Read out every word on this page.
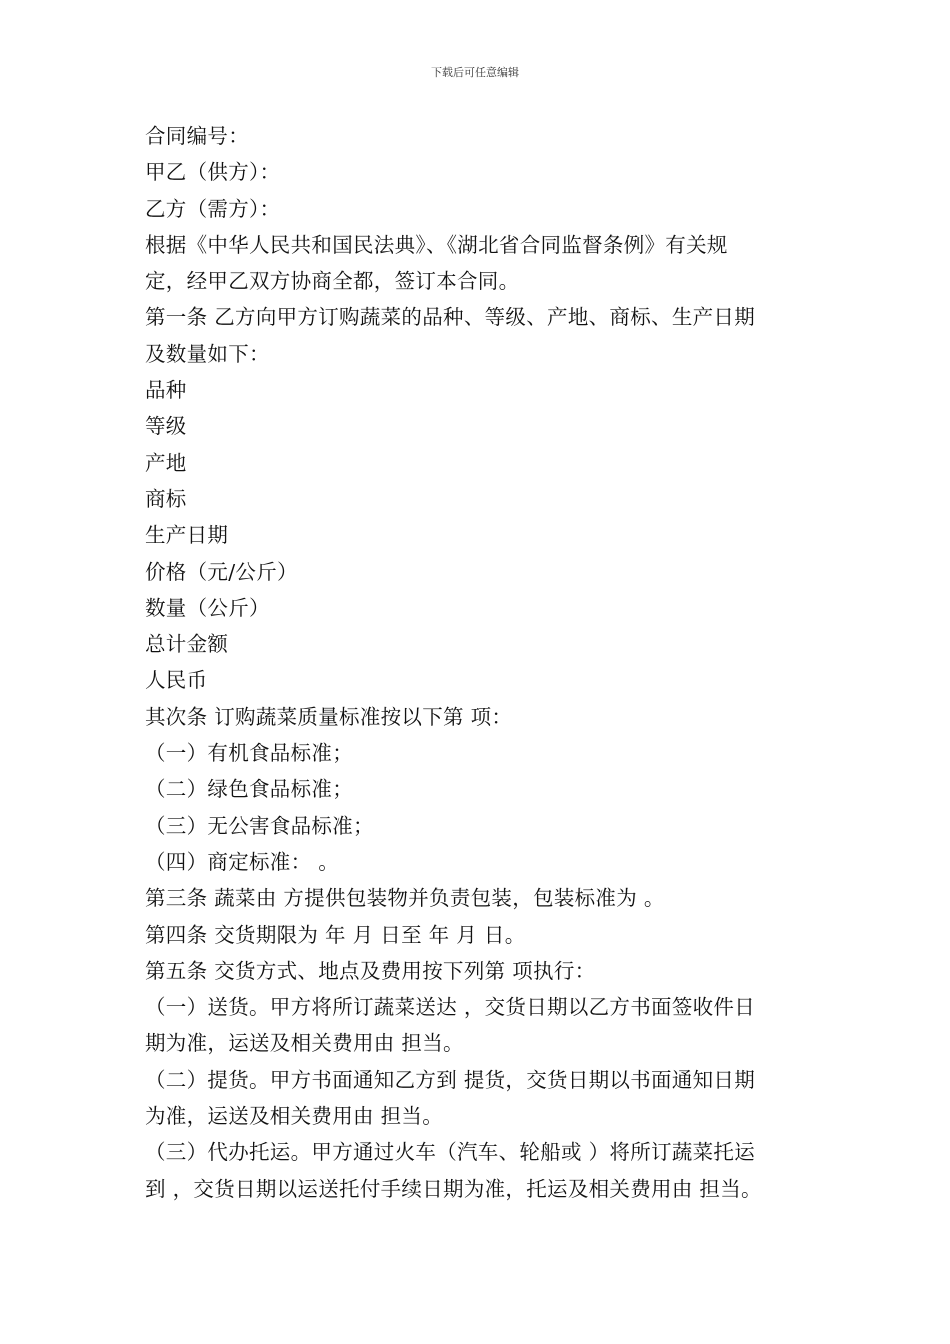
下载后可任意编辑
合同编号：
甲乙（供方）：
乙方（需方）：
根据《中华人民共和国民法典》、《湖北省合同监督条例》有关规
定，经甲乙双方协商全都，签订本合同。
第一条 乙方向甲方订购蔬菜的品种、等级、产地、商标、生产日期
及数量如下：
品种
等级
产地
商标
生产日期
价格（元/公斤）
数量（公斤）
总计金额
人民币
其次条 订购蔬菜质量标准按以下第 项：
（一）有机食品标准；
（二）绿色食品标准；
（三）无公害食品标准；
（四）商定标准： 。
第三条 蔬菜由 方提供包装物并负责包装，包装标准为 。
第四条 交货期限为 年 月 日至 年 月 日。
第五条 交货方式、地点及费用按下列第 项执行：
（一）送货。甲方将所订蔬菜送达 ，交货日期以乙方书面签收件日
期为准，运送及相关费用由 担当。
（二）提货。甲方书面通知乙方到 提货，交货日期以书面通知日期
为准，运送及相关费用由 担当。
（三）代办托运。甲方通过火车（汽车、轮船或 ）将所订蔬菜托运
到 ，交货日期以运送托付手续日期为准，托运及相关费用由 担当。
